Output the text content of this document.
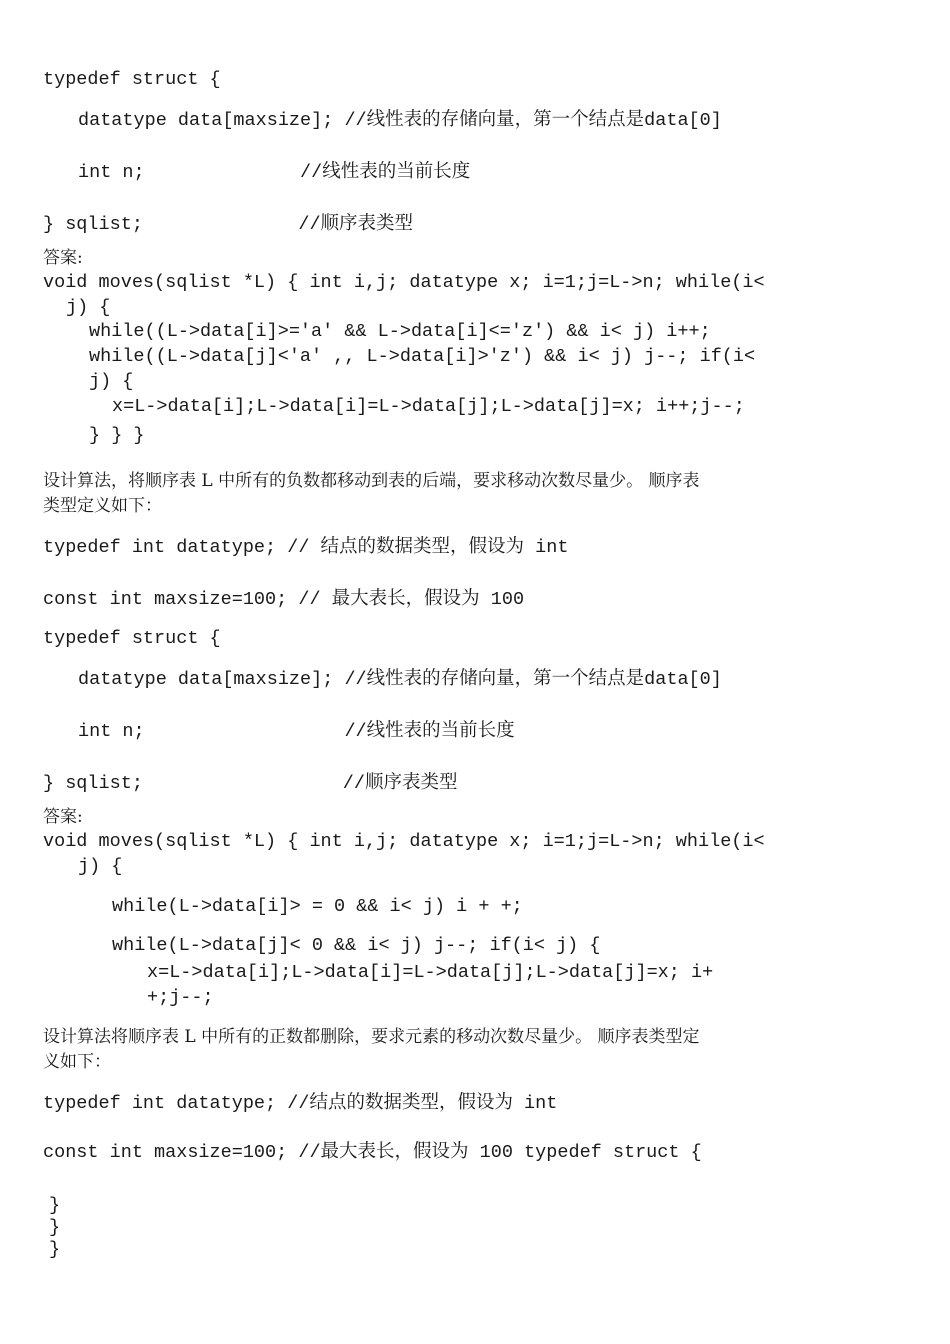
typedef struct {
datatype data[maxsize]; //线性表的存储向量，第一个结点是data[0]
int n;              //线性表的当前长度
} sqlist;              //顺序表类型
答案:
void moves(sqlist *L) { int i,j; datatype x; i=1;j=L->n; while(i<
j) {
while((L->data[i]>='a' && L->data[i]<='z') && i< j) i++;
while((L->data[j]<'a' ,, L->data[i]>'z') && i< j) j--; if(i<
j) {
x=L->data[i];L->data[i]=L->data[j];L->data[j]=x; i++;j--;
} } }
设计算法，将顺序表 L 中所有的负数都移动到表的后端，要求移动次数尽量少。 顺序表
类型定义如下：
typedef int datatype; // 结点的数据类型，假设为 int
const int maxsize=100; // 最大表长，假设为 100
typedef struct {
datatype data[maxsize]; //线性表的存储向量，第一个结点是data[0]
int n;                  //线性表的当前长度
} sqlist;                  //顺序表类型
答案:
void moves(sqlist *L) { int i,j; datatype x; i=1;j=L->n; while(i<
j) {
while(L->data[i]> = 0 && i< j) i + +;
while(L->data[j]< 0 && i< j) j--; if(i< j) {
x=L->data[i];L->data[i]=L->data[j];L->data[j]=x; i+
+;j--;
设计算法将顺序表 L 中所有的正数都删除，要求元素的移动次数尽量少。 顺序表类型定
义如下：
typedef int datatype; //结点的数据类型，假设为 int
const int maxsize=100; //最大表长，假设为 100 typedef struct {
}
}
}
